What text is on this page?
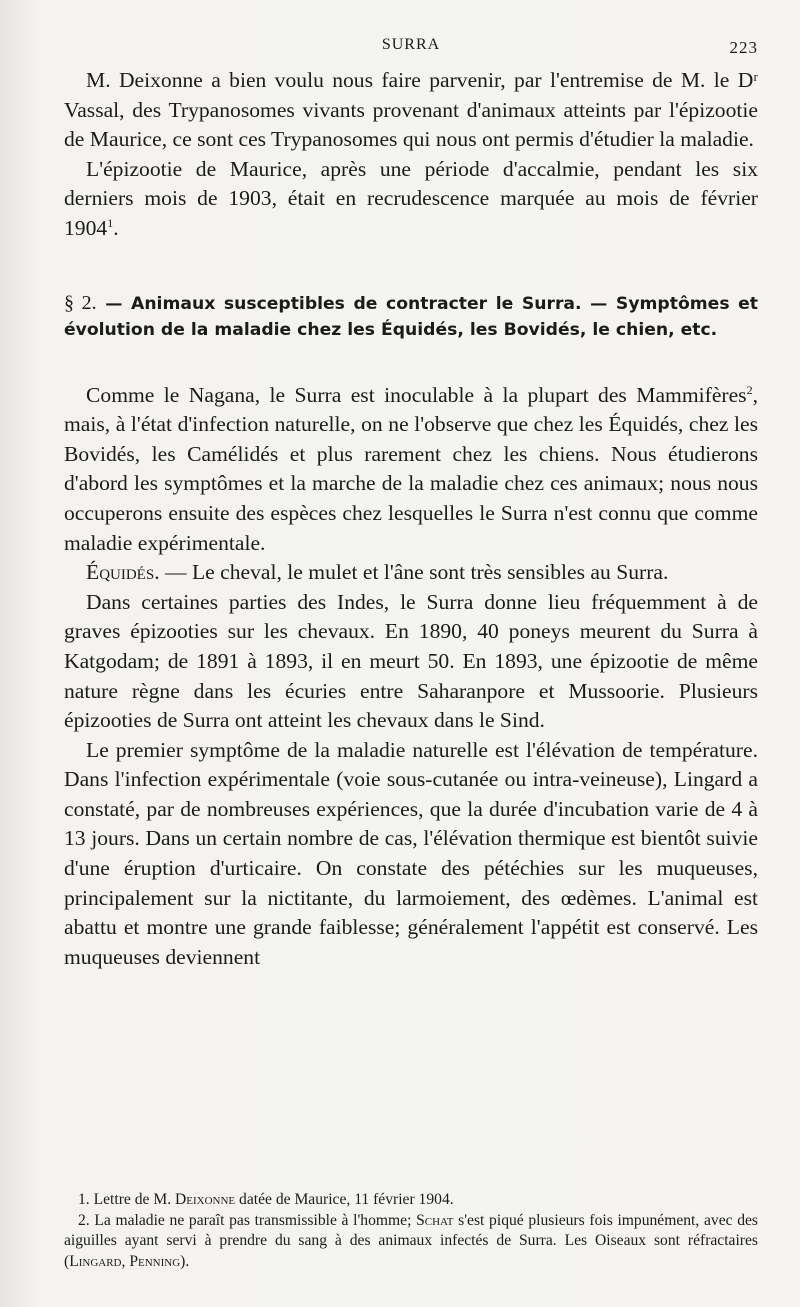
SURRA	223

M. Deixonne a bien voulu nous faire parvenir, par l'entremise de M. le Dʳ Vassal, des Trypanosomes vivants provenant d'animaux atteints par l'épizootie de Maurice, ce sont ces Trypanosomes qui nous ont permis d'étudier la maladie.

L'épizootie de Maurice, après une période d'accalmie, pendant les six derniers mois de 1903, était en recrudescence marquée au mois de février 1904$^1$.

§ 2. — Animaux susceptibles de contracter le Surra. — Symptômes et évolution de la maladie chez les Équidés, les Bovidés, le chien, etc.

Comme le Nagana, le Surra est inoculable à la plupart des Mammifères$^2$, mais, à l'état d'infection naturelle, on ne l'observe que chez les Équidés, chez les Bovidés, les Camélidés et plus rarement chez les chiens. Nous étudierons d'abord les symptômes et la marche de la maladie chez ces animaux; nous nous occuperons ensuite des espèces chez lesquelles le Surra n'est connu que comme maladie expérimentale.

Équidés. — Le cheval, le mulet et l'âne sont très sensibles au Surra.

Dans certaines parties des Indes, le Surra donne lieu fréquemment à de graves épizooties sur les chevaux. En 1890, 40 poneys meurent du Surra à Katgodam; de 1891 à 1893, il en meurt 50. En 1893, une épizootie de même nature règne dans les écuries entre Saharanpore et Mussoorie. Plusieurs épizooties de Surra ont atteint les chevaux dans le Sind.

Le premier symptôme de la maladie naturelle est l'élévation de température. Dans l'infection expérimentale (voie sous-cutanée ou intra-veineuse), Lingard a constaté, par de nombreuses expériences, que la durée d'incubation varie de 4 à 13 jours. Dans un certain nombre de cas, l'élévation thermique est bientôt suivie d'une éruption d'urticaire. On constate des pétéchies sur les muqueuses, principalement sur la nictitante, du larmoiement, des œdèmes. L'animal est abattu et montre une grande faiblesse; généralement l'appétit est conservé. Les muqueuses deviennent

1. Lettre de M. Deixonne datée de Maurice, 11 février 1904.

2. La maladie ne paraît pas transmissible à l'homme; Schat s'est piqué plusieurs fois impunément, avec des aiguilles ayant servi à prendre du sang à des animaux infectés de Surra. Les Oiseaux sont réfractaires (Lingard, Penning).
